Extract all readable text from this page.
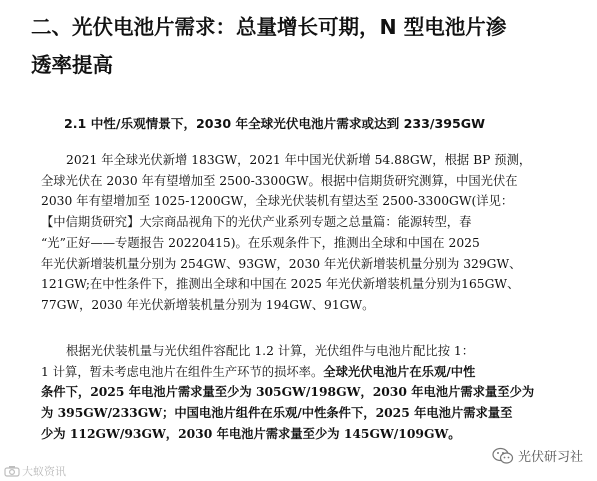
二、光伏电池片需求：总量增长可期，N 型电池片渗
透率提高
2.1 中性/乐观情景下，2030 年全球光伏电池片需求或达到 233/395GW
2021 年全球光伏新增 183GW，2021 年中国光伏新增 54.88GW，根据 BP 预测，
全球光伏在 2030 年有望增加至 2500-3300GW。根据中信期货研究测算，中国光伏在
2030 年有望增加至 1025-1200GW，全球光伏装机有望达至 2500-3300GW(详见：
【中信期货研究】大宗商品视角下的光伏产业系列专题之总量篇：能源转型，春
“光”正好——专题报告 20220415)。在乐观条件下，推测出全球和中国在 2025
年光伏新增装机量分别为 254GW、93GW，2030 年光伏新增装机量分别为 329GW、
121GW;在中性条件下，推测出全球和中国在 2025 年光伏新增装机量分别为165GW、
77GW，2030 年光伏新增装机量分别为 194GW、91GW。
根据光伏装机量与光伏组件容配比 1.2 计算，光伏组件与电池片配比按 1：
1 计算，暂未考虑电池片在组件生产环节的损坏率。全球光伏电池片在乐观/中性
条件下，2025 年电池片需求量至少为 305GW/198GW，2030 年电池片需求量至少为
为 395GW/233GW；中国电池片组件在乐观/中性条件下，2025 年电池片需求量至
少为 112GW/93GW，2030 年电池片需求量至少为 145GW/109GW。
大蚁资讯
光伏研习社
